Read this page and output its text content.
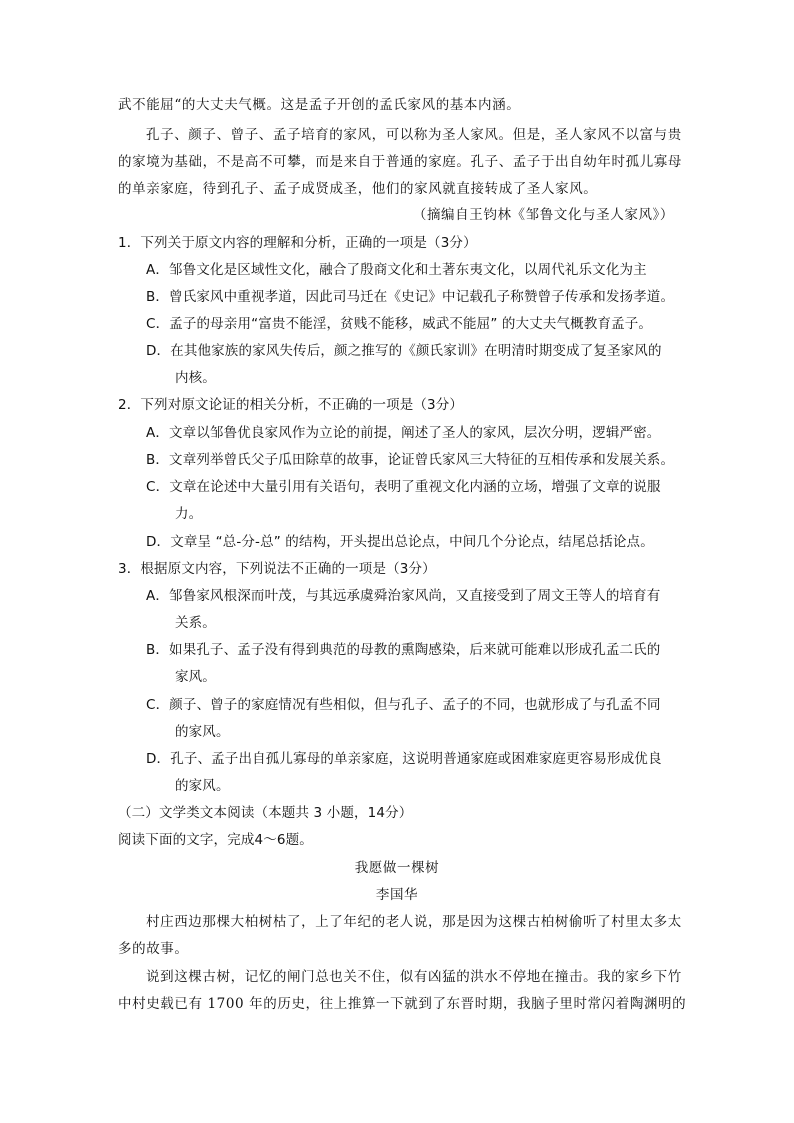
武不能屈“的大丈夫气概。这是孟子开创的孟氏家风的基本内涵。
孔子、颜子、曾子、孟子培育的家风，可以称为圣人家风。但是，圣人家风不以富与贵
的家境为基础，不是高不可攀，而是来自于普通的家庭。孔子、孟子于出自幼年时孤儿寡母
的单亲家庭，待到孔子、孟子成贤成圣，他们的家风就直接转成了圣人家风。
（摘编自王钧林《邹鲁文化与圣人家风》）
1．下列关于原文内容的理解和分析，正确的一项是（3分）
A．邹鲁文化是区域性文化，融合了殷商文化和土著东夷文化，以周代礼乐文化为主
B．曾氏家风中重视孝道，因此司马迁在《史记》中记载孔子称赞曾子传承和发扬孝道。
C．孟子的母亲用“富贵不能淫，贫贱不能移，威武不能屈” 的大丈夫气概教育孟子。
D．在其他家族的家风失传后，颜之推写的《颜氏家训》在明清时期变成了复圣家风的
内核。
2．下列对原文论证的相关分析，不正确的一项是（3分）
A．文章以邹鲁优良家风作为立论的前提，阐述了圣人的家风，层次分明，逻辑严密。
B．文章列举曾氏父子瓜田除草的故事，论证曾氏家风三大特征的互相传承和发展关系。
C．文章在论述中大量引用有关语句，表明了重视文化内涵的立场，增强了文章的说服
力。
D．文章呈 “总-分-总” 的结构，开头提出总论点，中间几个分论点，结尾总括论点。
3．根据原文内容，下列说法不正确的一项是（3分）
A．邹鲁家风根深而叶茂，与其远承虞舜治家风尚，又直接受到了周文王等人的培育有
关系。
B．如果孔子、孟子没有得到典范的母教的熏陶感染，后来就可能难以形成孔孟二氏的
家风。
C．颜子、曾子的家庭情况有些相似，但与孔子、孟子的不同，也就形成了与孔孟不同
的家风。
D．孔子、孟子出自孤儿寡母的单亲家庭，这说明普通家庭或困难家庭更容易形成优良
的家风。
（二）文学类文本阅读（本题共 3 小题，14分）
阅读下面的文字，完成4～6题。
我愿做一棵树
李国华
村庄西边那棵大柏树枯了，上了年纪的老人说，那是因为这棵古柏树偷听了村里太多太
多的故事。
说到这棵古树，记忆的闸门总也关不住，似有凶猛的洪水不停地在撞击。我的家乡下竹
中村史载已有 1700 年的历史，往上推算一下就到了东晋时期，我脑子里时常闪着陶渊明的
